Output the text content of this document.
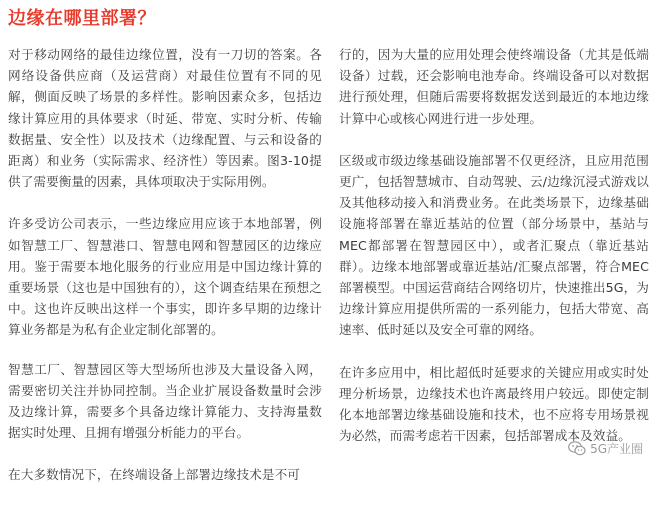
边缘在哪里部署？

对于移动网络的最佳边缘位置，没有一刀切的答案。各网络设备供应商（及运营商）对最佳位置有不同的见解，侧面反映了场景的多样性。影响因素众多，包括边缘计算应用的具体要求（时延、带宽、实时分析、传输数据量、安全性）以及技术（边缘配置、与云和设备的距离）和业务（实际需求、经济性）等因素。图3-10提供了需要衡量的因素，具体项取决于实际用例。

许多受访公司表示，一些边缘应用应该于本地部署，例如智慧工厂、智慧港口、智慧电网和智慧园区的边缘应用。鉴于需要本地化服务的行业应用是中国边缘计算的重要场景（这也是中国独有的），这个调查结果在预想之中。这也许反映出这样一个事实，即许多早期的边缘计算业务都是为私有企业定制化部署的。

智慧工厂、智慧园区等大型场所也涉及大量设备入网，需要密切关注并协同控制。当企业扩展设备数量时会涉及边缘计算，需要多个具备边缘计算能力、支持海量数据实时处理、且拥有增强分析能力的平台。

在大多数情况下，在终端设备上部署边缘技术是不可

行的，因为大量的应用处理会使终端设备（尤其是低端设备）过载，还会影响电池寿命。终端设备可以对数据进行预处理，但随后需要将数据发送到最近的本地边缘计算中心或核心网进行进一步处理。

区级或市级边缘基础设施部署不仅更经济，且应用范围更广，包括智慧城市、自动驾驶、云/边缘沉浸式游戏以及其他移动接入和消费业务。在此类场景下，边缘基础设施将部署在靠近基站的位置（部分场景中，基站与MEC都部署在智慧园区中），或者汇聚点（靠近基站群）。边缘本地部署或靠近基站/汇聚点部署，符合MEC部署模型。中国运营商结合网络切片，快速推出5G，为边缘计算应用提供所需的一系列能力，包括大带宽、高速率、低时延以及安全可靠的网络。

在许多应用中，相比超低时延要求的关键应用或实时处理分析场景，边缘技术也许离最终用户较远。即使定制化本地部署边缘基础设施和技术，也不应将专用场景视为必然，而需考虑若干因素，包括部署成本及效益。

5G产业圈
